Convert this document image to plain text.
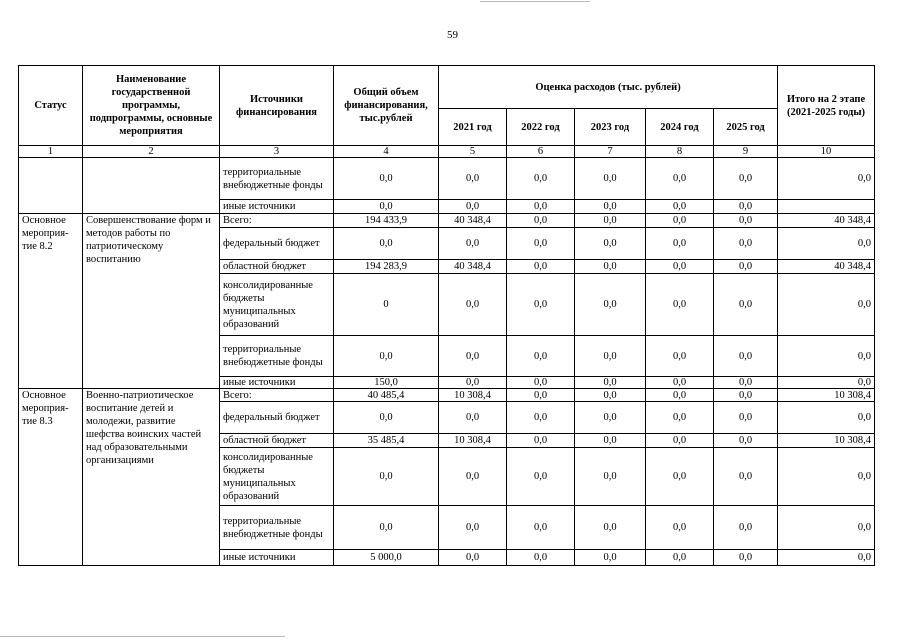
59
Статус	Наименование государственной программы, подпрограммы, основные мероприятия	Источники финансирования	Общий объем финансирования, тыс.рублей	Оценка расходов (тыс. рублей)					Итого на 2 этапе (2021-2025 годы)
				2021 год	2022 год	2023 год	2024 год	2025 год	
1	2	3	4	5	6	7	8	9	10
		территориальные внебюджетные фонды	0,0	0,0	0,0	0,0	0,0	0,0	0,0
		иные источники	0,0	0,0	0,0	0,0	0,0	0,0	
Основное мероприя-тие 8.2	Совершенствование форм и методов работы по патриотическому воспитанию	Всего:	194 433,9	40 348,4	0,0	0,0	0,0	0,0	40 348,4
		федеральный бюджет	0,0	0,0	0,0	0,0	0,0	0,0	0,0
		областной бюджет	194 283,9	40 348,4	0,0	0,0	0,0	0,0	40 348,4
		консолидированные бюджеты муниципальных образований	0	0,0	0,0	0,0	0,0	0,0	0,0
		территориальные внебюджетные фонды	0,0	0,0	0,0	0,0	0,0	0,0	0,0
		иные источники	150,0	0,0	0,0	0,0	0,0	0,0	0,0
Основное мероприя-тие 8.3	Военно-патриотическое воспитание детей и молодежи, развитие шефства воинских частей над образовательными организациями	Всего:	40 485,4	10 308,4	0,0	0,0	0,0	0,0	10 308,4
		федеральный бюджет	0,0	0,0	0,0	0,0	0,0	0,0	0,0
		областной бюджет	35 485,4	10 308,4	0,0	0,0	0,0	0,0	10 308,4
		консолидированные бюджеты муниципальных образований	0,0	0,0	0,0	0,0	0,0	0,0	0,0
		территориальные внебюджетные фонды	0,0	0,0	0,0	0,0	0,0	0,0	0,0
		иные источники	5 000,0	0,0	0,0	0,0	0,0	0,0	0,0
